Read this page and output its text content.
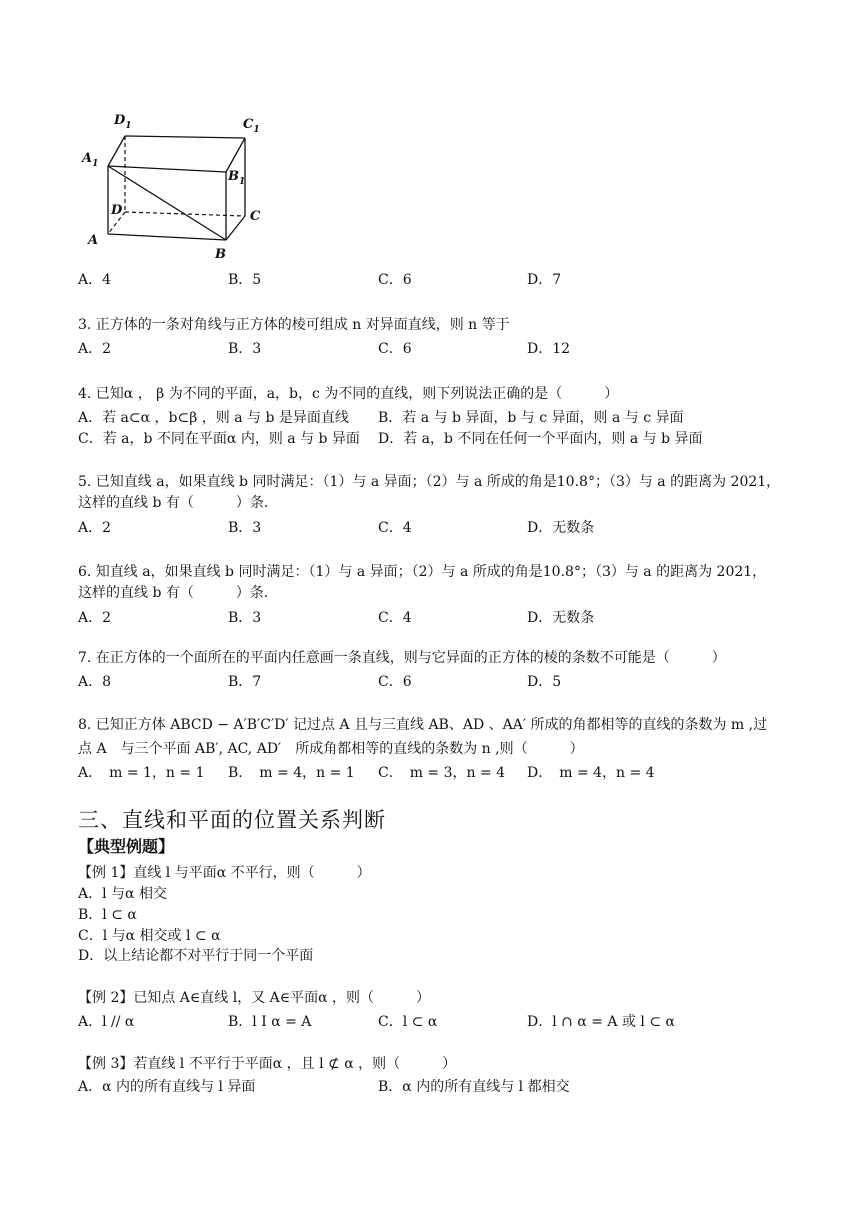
$D_1$	$C_1$
$A_1$
$B_1$
D	C
A
B
A．4	B．5	C．6	D．7
3. 正方体的一条对角线与正方体的棱可组成 n 对异面直线，则 n 等于
A．2	B．3	C．6	D．12
4. 已知α ， β 为不同的平面，a，b，c 为不同的直线，则下列说法正确的是（　　　）
A．若 a⊂α ，b⊂β ，则 a 与 b 是异面直线 B．若 a 与 b 异面，b 与 c 异面，则 a 与 c 异面
C．若 a，b 不同在平面α 内，则 a 与 b 异面 D．若 a，b 不同在任何一个平面内，则 a 与 b 异面
5. 已知直线 a，如果直线 b 同时满足：（1）与 a 异面；（2）与 a 所成的角是10.8°；（3）与 a 的距离为 2021，
这样的直线 b 有（　　　）条.
A．2	B．3	C．4	D．无数条
6. 知直线 a，如果直线 b 同时满足：（1）与 a 异面；（2）与 a 所成的角是10.8°；（3）与 a 的距离为 2021，
这样的直线 b 有（　　　）条.
A．2	B．3	C．4	D．无数条
7. 在正方体的一个面所在的平面内任意画一条直线，则与它异面的正方体的棱的条数不可能是（　　　）
A．8	B．7	C．6	D．5
8. 已知正方体 ABCD − A′B′C′D′ 记过点 A 且与三直线 AB、AD 、AA′ 所成的角都相等的直线的条数为 m ,过
点 A　与三个平面 AB′, AC, AD′　所成角都相等的直线的条数为 n ,则（　　　）
A．　m = 1，n = 1 B．　m = 4，n = 1 C．　m = 3，n = 4 D．　m = 4，n = 4
三、直线和平面的位置关系判断
【典型例题】
【例 1】直线 l 与平面α 不平行，则（　　　）
A．l 与α 相交
B．l ⊂ α
C．l 与α 相交或 l ⊂ α
D．以上结论都不对平行于同一个平面
【例 2】已知点 A∈直线 l，又 A∈平面α ，则（　　　）
A．l // α	B．l I α = A	C．l ⊂ α	D．l ∩ α = A 或 l ⊂ α
【例 3】若直线 l 不平行于平面α ，且 l ⊄ α ，则（　　　）
A．α 内的所有直线与 l 异面	B．α 内的所有直线与 l 都相交
